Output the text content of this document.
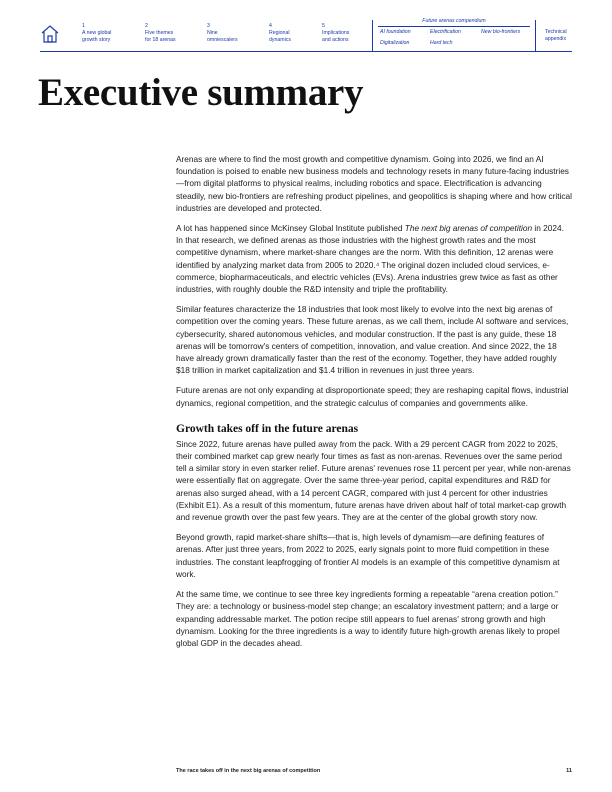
1
A new global
growth story
2
Five themes
for 18 arenas
3
Nine
omniescalers
4
Regional
dynamics
5
Implications
and actions
Future arenas compendium
AI foundation	Electrification	New bio-frontiers
Digitalization	Hard tech
Technical
appendix
Executive summary

Arenas are where to find the most growth and competitive dynamism. Going into 2026, we find an AI foundation is poised to enable new business models and technology resets in many future-facing industries—from digital platforms to physical realms, including robotics and space. Electrification is advancing steadily, new bio-frontiers are refreshing product pipelines, and geopolitics is shaping where and how critical industries are developed and protected.

A lot has happened since McKinsey Global Institute published The next big arenas of competition in 2024. In that research, we defined arenas as those industries with the highest growth rates and the most competitive dynamism, where market-share changes are the norm. With this definition, 12 arenas were identified by analyzing market data from 2005 to 2020.⁴ The original dozen included cloud services, e-commerce, biopharmaceuticals, and electric vehicles (EVs). Arena industries grew twice as fast as other industries, with roughly double the R&D intensity and triple the profitability.

Similar features characterize the 18 industries that look most likely to evolve into the next big arenas of competition over the coming years. These future arenas, as we call them, include AI software and services, cybersecurity, shared autonomous vehicles, and modular construction. If the past is any guide, these 18 arenas will be tomorrow's centers of competition, innovation, and value creation. And since 2022, the 18 have already grown dramatically faster than the rest of the economy. Together, they have added roughly $18 trillion in market capitalization and $1.4 trillion in revenues in just three years.

Future arenas are not only expanding at disproportionate speed; they are reshaping capital flows, industrial dynamics, regional competition, and the strategic calculus of companies and governments alike.

Growth takes off in the future arenas

Since 2022, future arenas have pulled away from the pack. With a 29 percent CAGR from 2022 to 2025, their combined market cap grew nearly four times as fast as non-arenas. Revenues over the same period tell a similar story in even starker relief. Future arenas' revenues rose 11 percent per year, while non-arenas were essentially flat on aggregate. Over the same three-year period, capital expenditures and R&D for arenas also surged ahead, with a 14 percent CAGR, compared with just 4 percent for other industries (Exhibit E1). As a result of this momentum, future arenas have driven about half of total market-cap growth and revenue growth over the past few years. They are at the center of the global growth story now.

Beyond growth, rapid market-share shifts—that is, high levels of dynamism—are defining features of arenas. After just three years, from 2022 to 2025, early signals point to more fluid competition in these industries. The constant leapfrogging of frontier AI models is an example of this competitive dynamism at work.

At the same time, we continue to see three key ingredients forming a repeatable “arena creation potion.” They are: a technology or business-model step change; an escalatory investment pattern; and a large or expanding addressable market. The potion recipe still appears to fuel arenas' strong growth and high dynamism. Looking for the three ingredients is a way to identify future high-growth arenas likely to propel global GDP in the decades ahead.

The race takes off in the next big arenas of competition	11
